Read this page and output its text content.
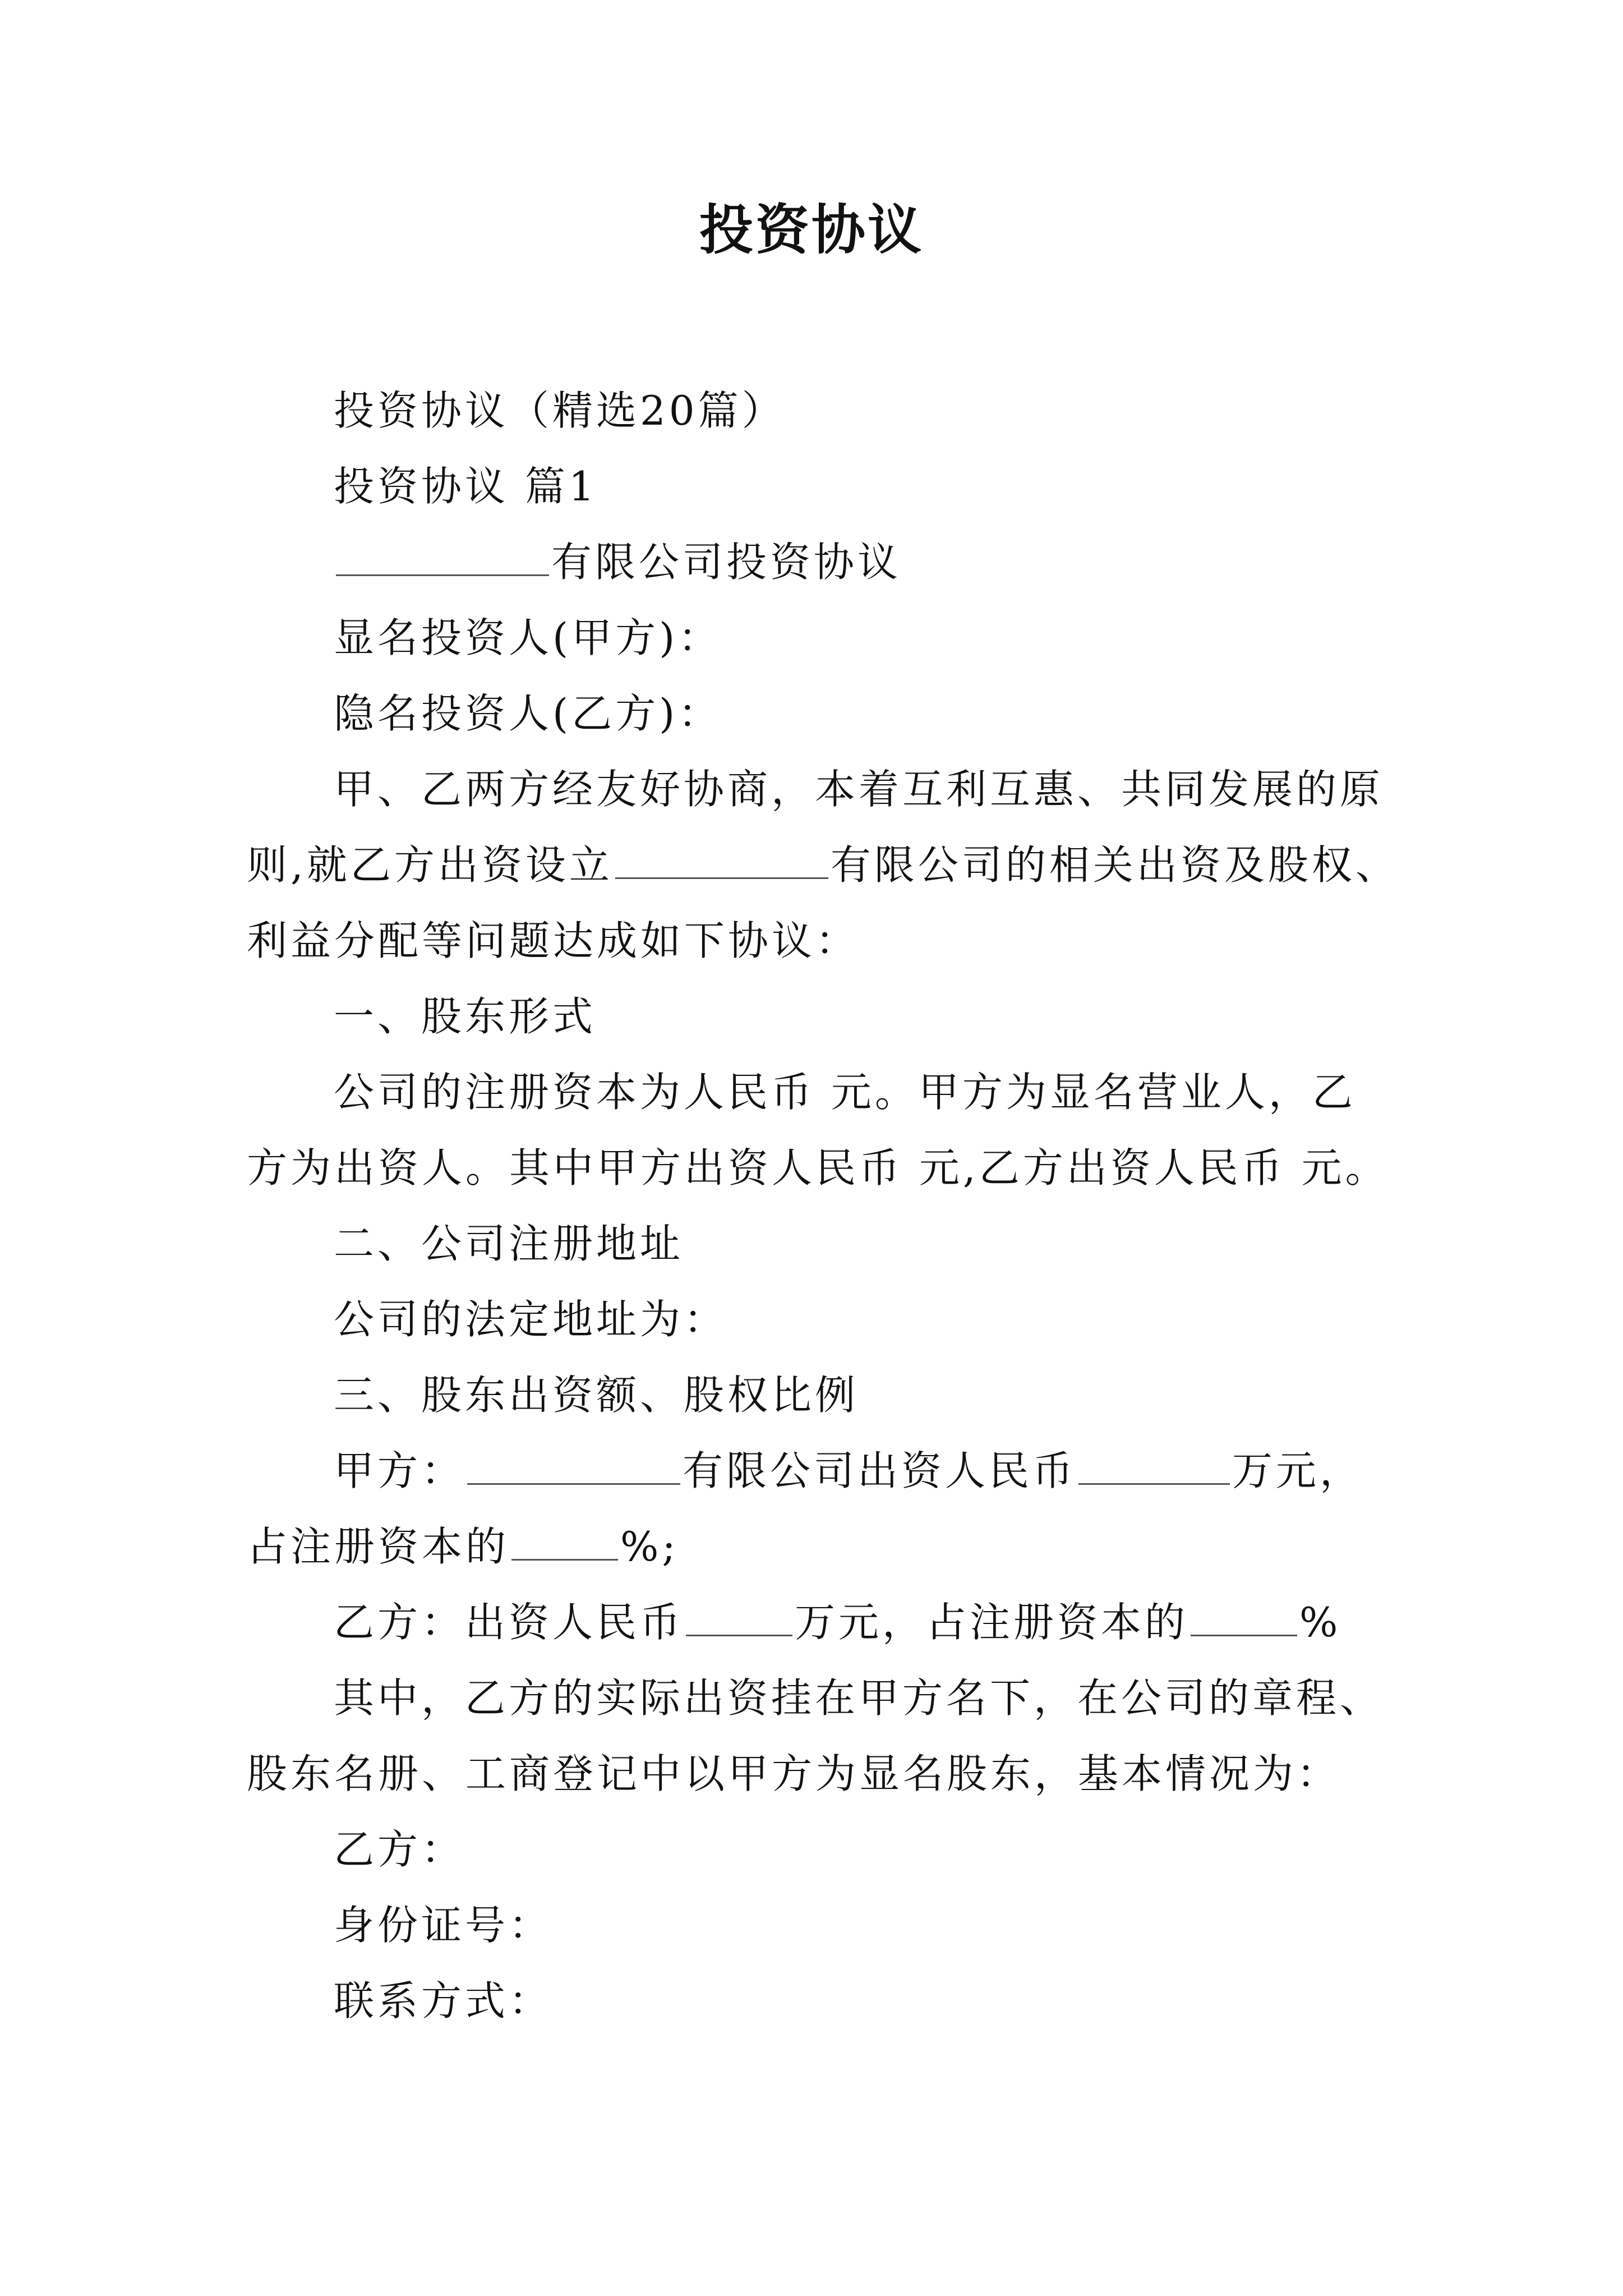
投资协议

投资协议（精选20篇）

投资协议 篇1

有限公司投资协议

显名投资人(甲方)：

隐名投资人(乙方)：

甲、乙两方经友好协商，本着互利互惠、共同发展的原

则,就乙方出资设立	有限公司的相关出资及股权、

利益分配等问题达成如下协议：

一、股东形式

公司的注册资本为人民币 元。甲方为显名营业人，乙

方为出资人。其中甲方出资人民币 元,乙方出资人民币 元。

二、公司注册地址

公司的法定地址为：

三、股东出资额、股权比例

甲方：	有限公司出资人民币	万元，

占注册资本的	%;

乙方：出资人民币	万元，占注册资本的	%

其中，乙方的实际出资挂在甲方名下，在公司的章程、

股东名册、工商登记中以甲方为显名股东，基本情况为：

乙方：

身份证号：

联系方式：
